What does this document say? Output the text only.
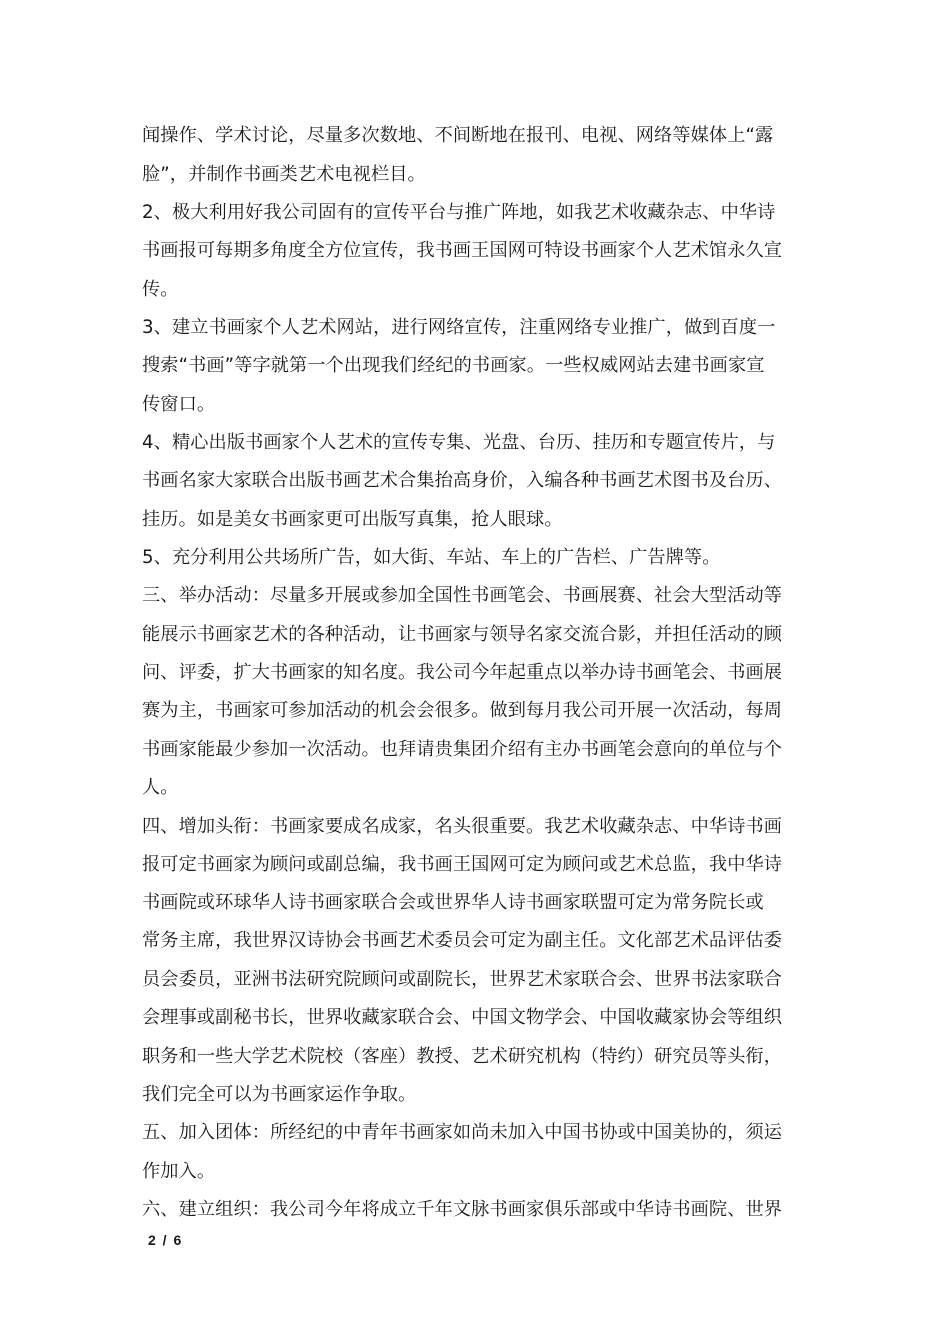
闻操作、学术讨论，尽量多次数地、不间断地在报刊、电视、网络等媒体上“露
脸”，并制作书画类艺术电视栏目。
2、极大利用好我公司固有的宣传平台与推广阵地，如我艺术收藏杂志、中华诗
书画报可每期多角度全方位宣传，我书画王国网可特设书画家个人艺术馆永久宣
传。
3、建立书画家个人艺术网站，进行网络宣传，注重网络专业推广，做到百度一
搜索“书画”等字就第一个出现我们经纪的书画家。一些权威网站去建书画家宣
传窗口。
4、精心出版书画家个人艺术的宣传专集、光盘、台历、挂历和专题宣传片，与
书画名家大家联合出版书画艺术合集抬高身价，入编各种书画艺术图书及台历、
挂历。如是美女书画家更可出版写真集，抢人眼球。
5、充分利用公共场所广告，如大街、车站、车上的广告栏、广告牌等。
三、举办活动：尽量多开展或参加全国性书画笔会、书画展赛、社会大型活动等
能展示书画家艺术的各种活动，让书画家与领导名家交流合影，并担任活动的顾
问、评委，扩大书画家的知名度。我公司今年起重点以举办诗书画笔会、书画展
赛为主，书画家可参加活动的机会会很多。做到每月我公司开展一次活动，每周
书画家能最少参加一次活动。也拜请贵集团介绍有主办书画笔会意向的单位与个
人。
四、增加头衔：书画家要成名成家，名头很重要。我艺术收藏杂志、中华诗书画
报可定书画家为顾问或副总编，我书画王国网可定为顾问或艺术总监，我中华诗
书画院或环球华人诗书画家联合会或世界华人诗书画家联盟可定为常务院长或
常务主席，我世界汉诗协会书画艺术委员会可定为副主任。文化部艺术品评估委
员会委员，亚洲书法研究院顾问或副院长，世界艺术家联合会、世界书法家联合
会理事或副秘书长，世界收藏家联合会、中国文物学会、中国收藏家协会等组织
职务和一些大学艺术院校（客座）教授、艺术研究机构（特约）研究员等头衔，
我们完全可以为书画家运作争取。
五、加入团体：所经纪的中青年书画家如尚未加入中国书协或中国美协的，须运
作加入。
六、建立组织：我公司今年将成立千年文脉书画家俱乐部或中华诗书画院、世界
2 / 6
